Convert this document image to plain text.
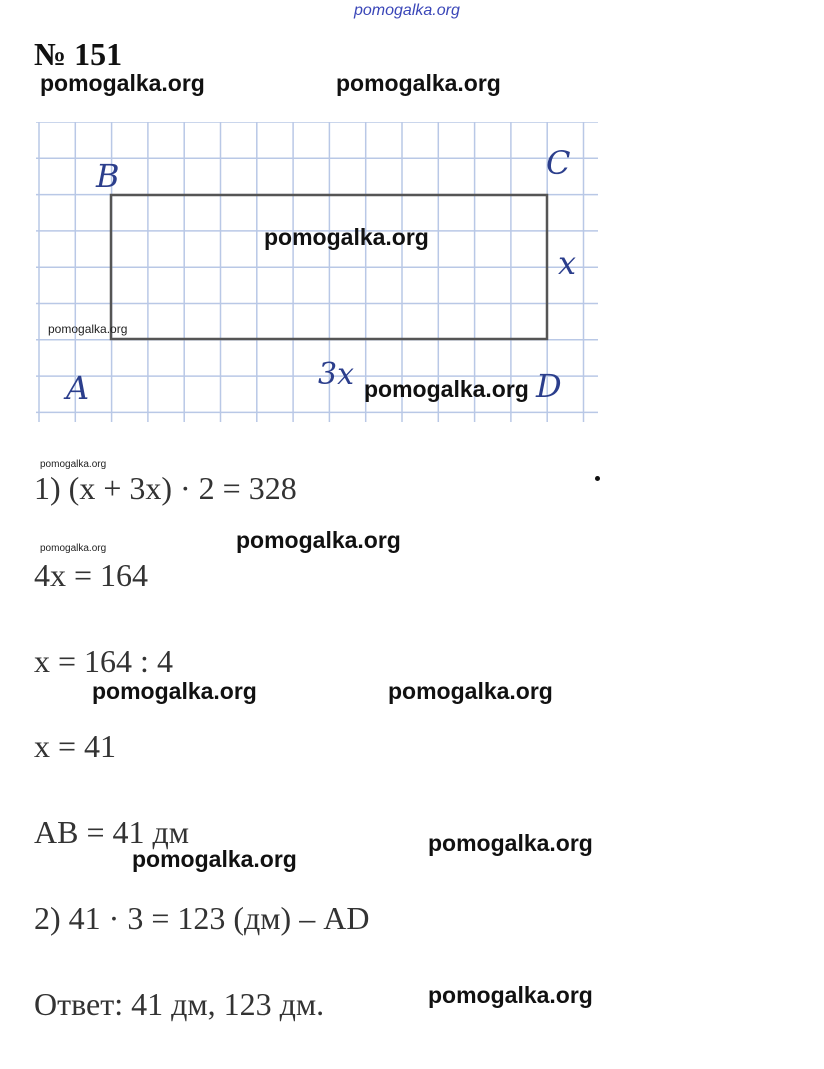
pomogalka.org
№ 151
pomogalka.org	pomogalka.org
B	C
A	D
x
3x
pomogalka.org
pomogalka.org
pomogalka.org
pomogalka.org
1) (x + 3x) · 2 = 328
pomogalka.org	pomogalka.org
4x = 164
x = 164 : 4
pomogalka.org	pomogalka.org
x = 41
AB = 41 дм	pomogalka.org
pomogalka.org
2) 41 · 3 = 123 (дм) – AD
pomogalka.org
Ответ: 41 дм, 123 дм.
